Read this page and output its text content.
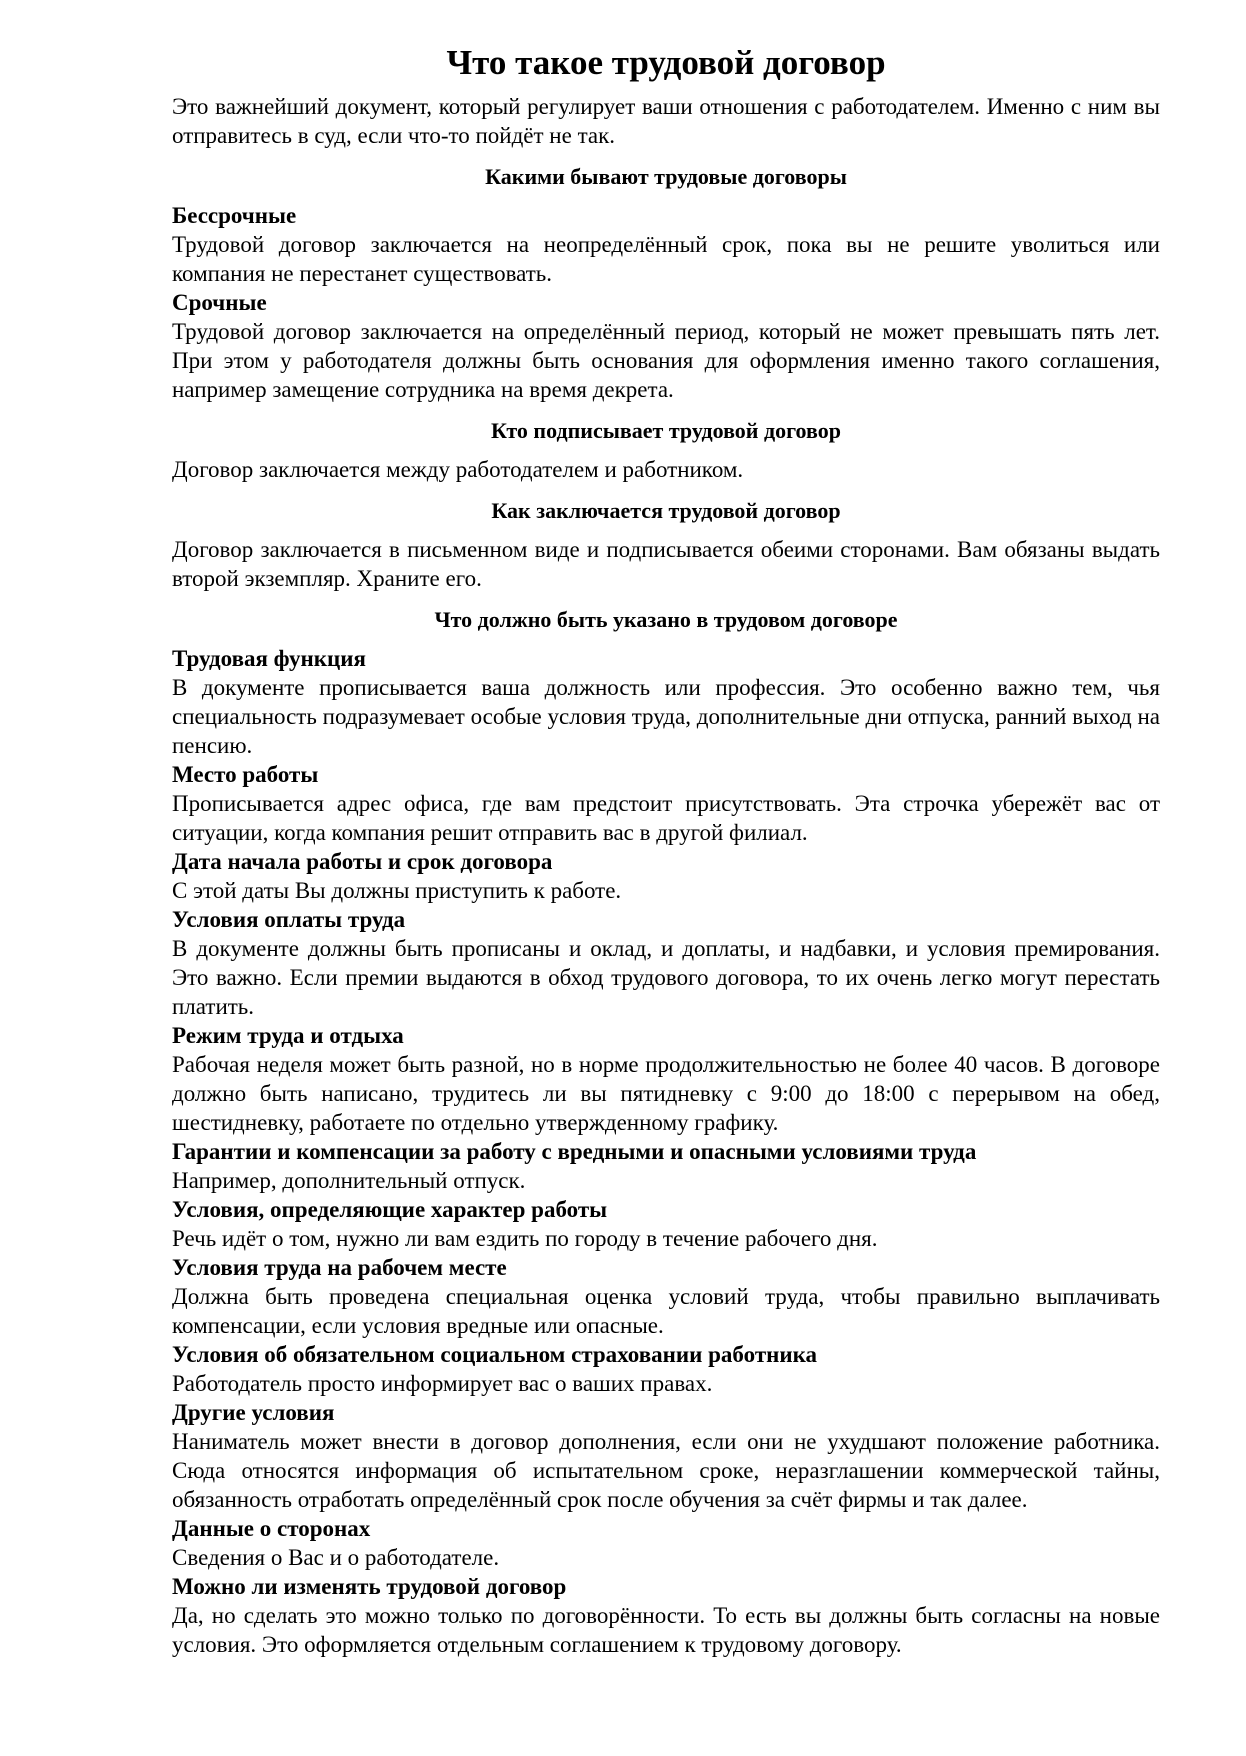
Что такое трудовой договор

Это важнейший документ, который регулирует ваши отношения с работодателем. Именно с ним вы отправитесь в суд, если что-то пойдёт не так.

Какими бывают трудовые договоры
Бессрочные

Трудовой договор заключается на неопределённый срок, пока вы не решите уволиться или компания не перестанет существовать.

Срочные

Трудовой договор заключается на определённый период, который не может превышать пять лет. При этом у работодателя должны быть основания для оформления именно такого соглашения, например замещение сотрудника на время декрета.

Кто подписывает трудовой договор

Договор заключается между работодателем и работником.

Как заключается трудовой договор

Договор заключается в письменном виде и подписывается обеими сторонами. Вам обязаны выдать второй экземпляр. Храните его.

Что должно быть указано в трудовом договоре
Трудовая функция

В документе прописывается ваша должность или профессия. Это особенно важно тем, чья специальность подразумевает особые условия труда, дополнительные дни отпуска, ранний выход на пенсию.

Место работы

Прописывается адрес офиса, где вам предстоит присутствовать. Эта строчка убережёт вас от ситуации, когда компания решит отправить вас в другой филиал.

Дата начала работы и срок договора

С этой даты Вы должны приступить к работе.

Условия оплаты труда

В документе должны быть прописаны и оклад, и доплаты, и надбавки, и условия премирования. Это важно. Если премии выдаются в обход трудового договора, то их очень легко могут перестать платить.

Режим труда и отдыха

Рабочая неделя может быть разной, но в норме продолжительностью не более 40 часов. В договоре должно быть написано, трудитесь ли вы пятидневку с 9:00 до 18:00 с перерывом на обед, шестидневку, работаете по отдельно утвержденному графику.

Гарантии и компенсации за работу с вредными и опасными условиями труда

Например, дополнительный отпуск.

Условия, определяющие характер работы

Речь идёт о том, нужно ли вам ездить по городу в течение рабочего дня.

Условия труда на рабочем месте

Должна быть проведена специальная оценка условий труда, чтобы правильно выплачивать компенсации, если условия вредные или опасные.

Условия об обязательном социальном страховании работника

Работодатель просто информирует вас о ваших правах.

Другие условия

Наниматель может внести в договор дополнения, если они не ухудшают положение работника. Сюда относятся информация об испытательном сроке, неразглашении коммерческой тайны, обязанность отработать определённый срок после обучения за счёт фирмы и так далее.

Данные о сторонах

Сведения о Вас и о работодателе.

Можно ли изменять трудовой договор

Да, но сделать это можно только по договорённости. То есть вы должны быть согласны на новые условия. Это оформляется отдельным соглашением к трудовому договору.
